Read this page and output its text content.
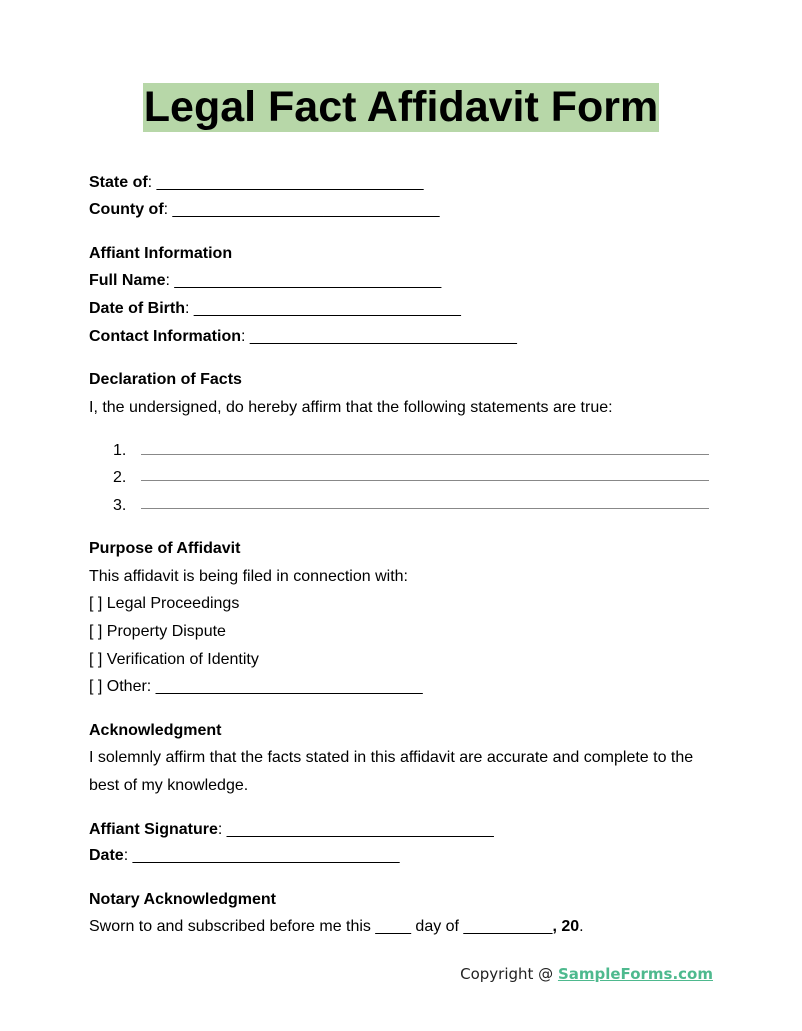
Legal Fact Affidavit Form
State of: ______________________________
County of: ______________________________
Affiant Information
Full Name: ______________________________
Date of Birth: ______________________________
Contact Information: ______________________________
Declaration of Facts
I, the undersigned, do hereby affirm that the following statements are true:
1.
2.
3.
Purpose of Affidavit
This affidavit is being filed in connection with:
[ ] Legal Proceedings
[ ] Property Dispute
[ ] Verification of Identity
[ ] Other: ______________________________
Acknowledgment
I solemnly affirm that the facts stated in this affidavit are accurate and complete to the
best of my knowledge.
Affiant Signature: ______________________________
Date: ______________________________
Notary Acknowledgment
Sworn to and subscribed before me this ____ day of __________, 20.
Copyright @ SampleForms.com
